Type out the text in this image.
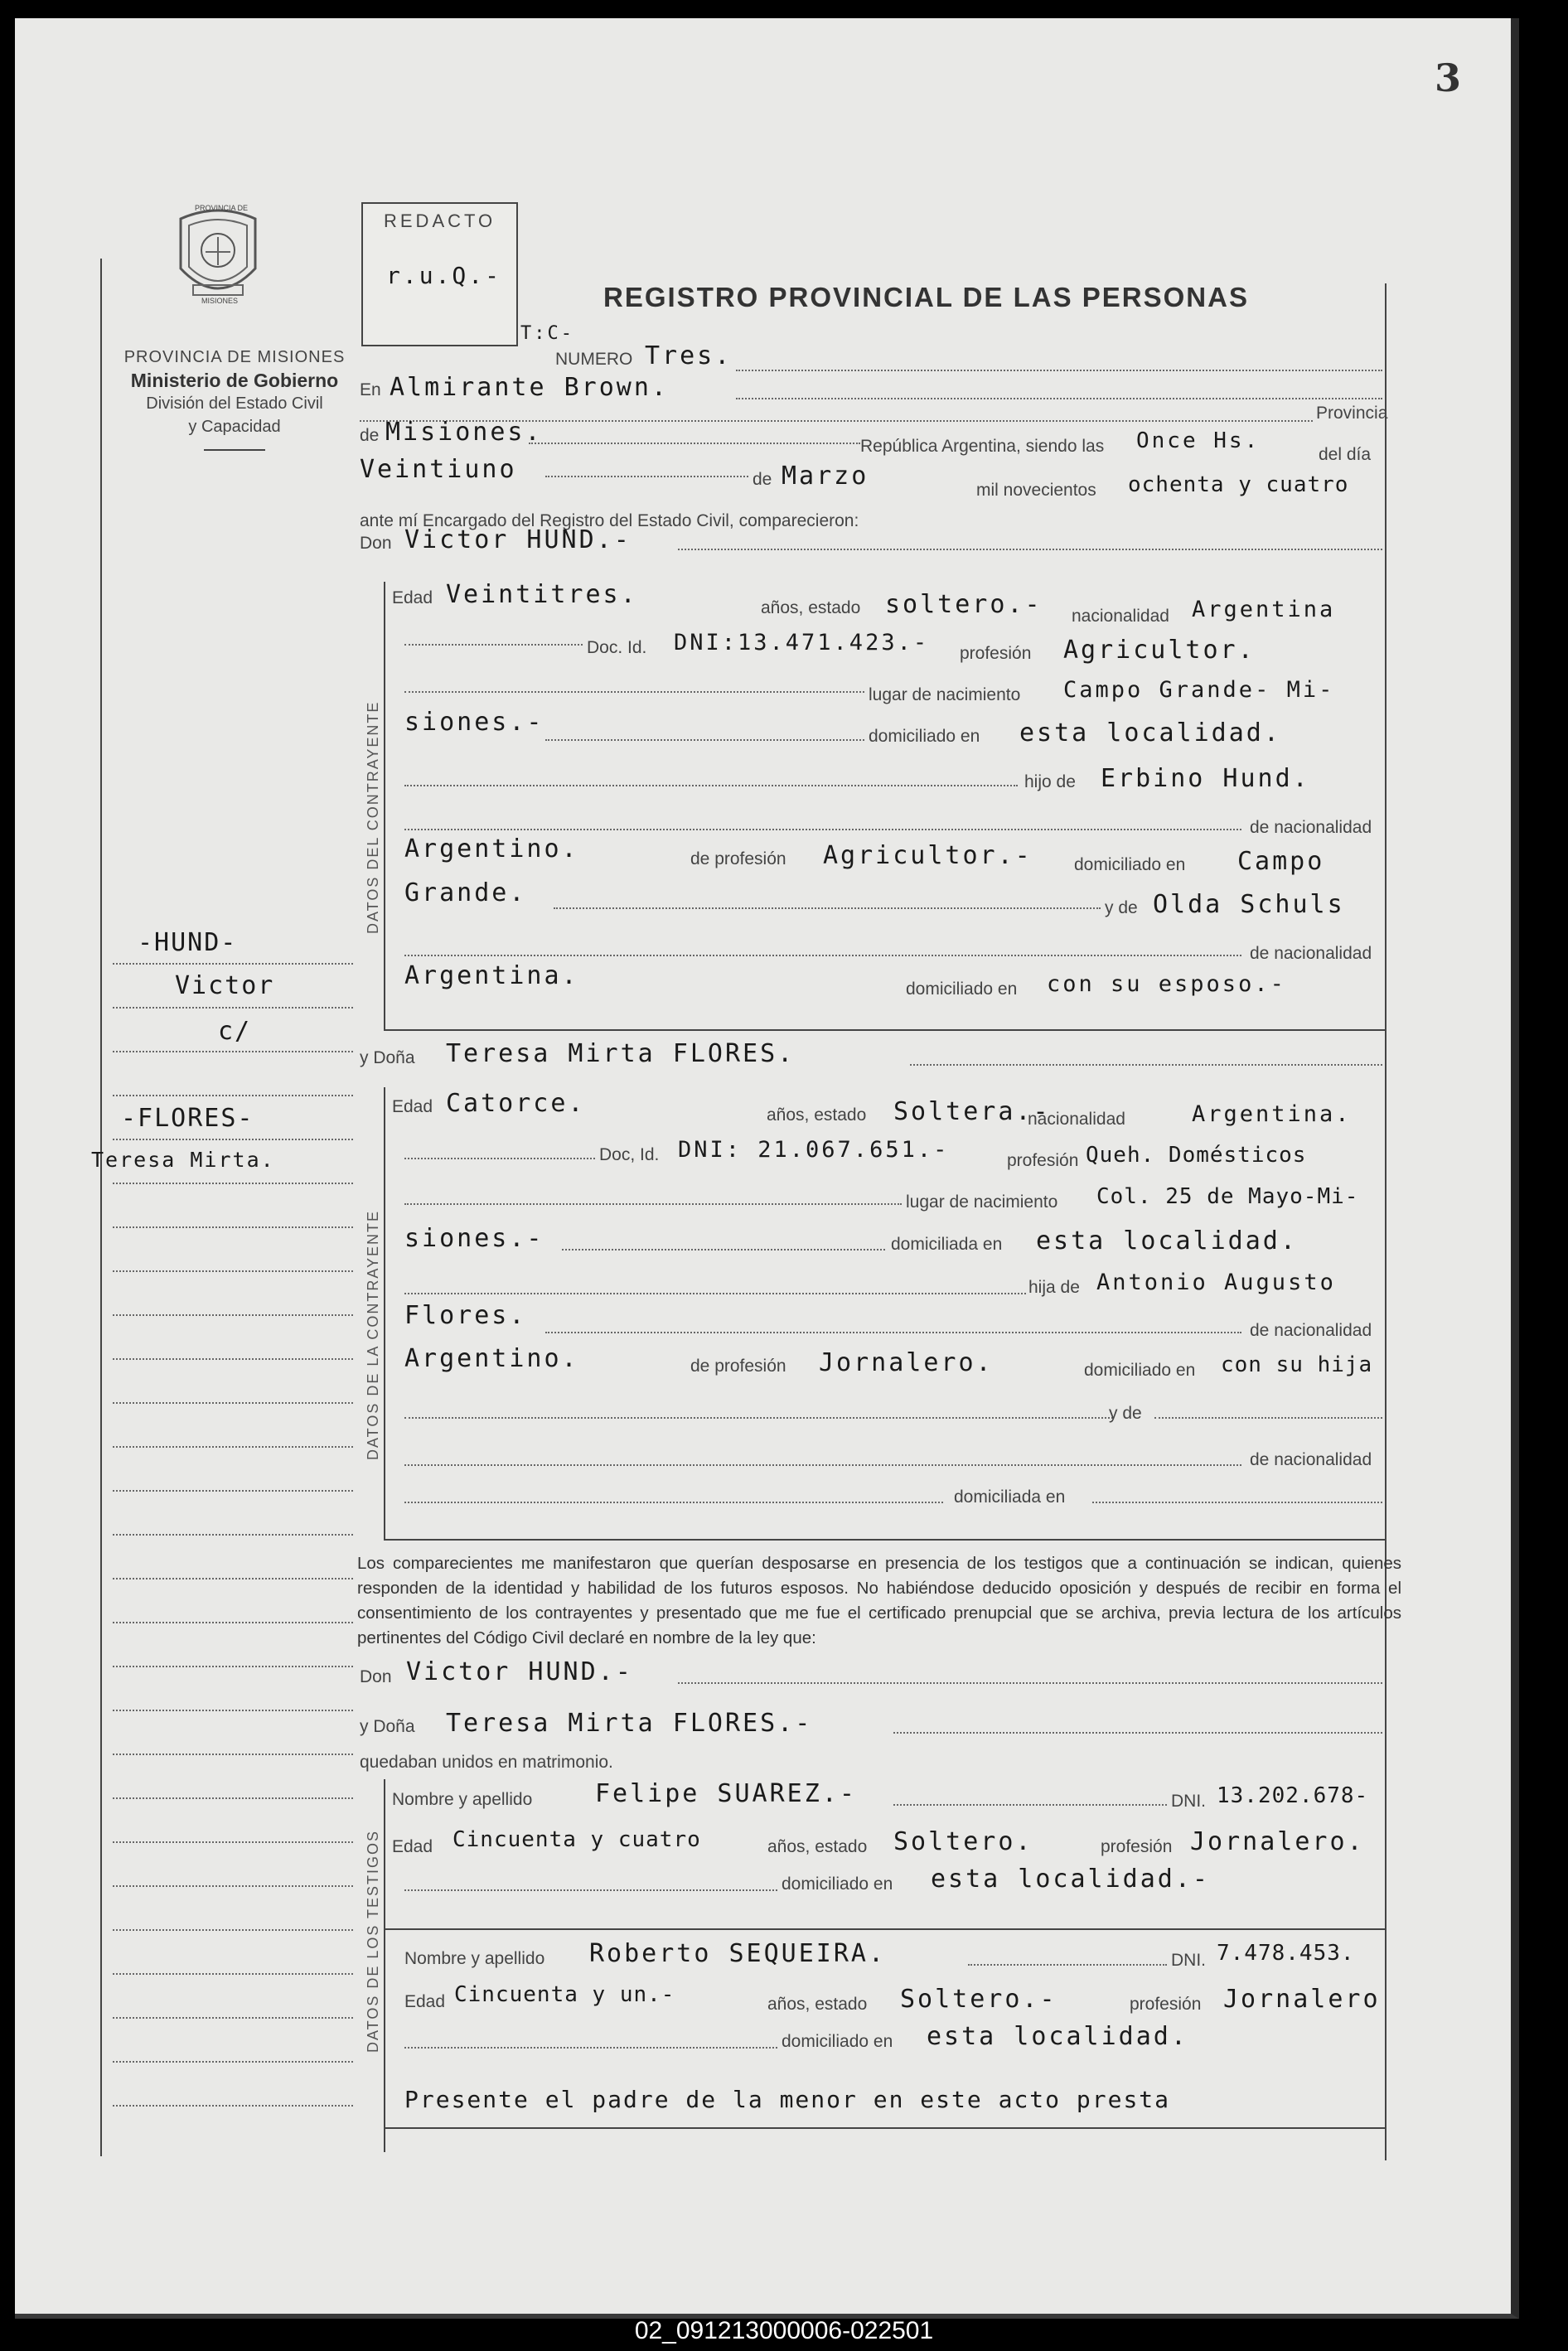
3
PROVINCIA DE
MISIONES
PROVINCIA DE MISIONES
Ministerio de Gobierno
División del Estado Civil
y Capacidad
-HUND-
Victor
c/
-FLORES-
Teresa Mirta.
REDACTO
r.u.Q.-
REGISTRO PROVINCIAL DE LAS PERSONAS
T:C-
NUMERO Tres.
En Almirante Brown.
Provincia
de Misiones.	República Argentina, siendo las Once Hs.
del día
Veintiuno	de Marzo	mil novecientos ochenta y cuatro
ante mí Encargado del Registro del Estado Civil, comparecieron:
Don Victor HUND.-
DATOS DEL CONTRAYENTE
Edad Veintitres.	años, estado soltero.- nacionalidad Argentina
Doc. Id. DNI:13.471.423.- profesión Agricultor.
lugar de nacimiento Campo Grande- Mi-
siones.-	domiciliado en esta localidad.
hijo de Erbino Hund.
de nacionalidad
Argentino.	de profesión Agricultor.- domiciliado en Campo
Grande.
y de Olda Schuls
de nacionalidad
Argentina.	domiciliado en con su esposo.-
y Doña Teresa Mirta FLORES.
DATOS DE LA CONTRAYENTE
Edad Catorce.	años, estado Soltera.-
nacionalidad	Argentina.
Doc, Id. DNI: 21.067.651.-	profesión Queh. Domésticos
lugar de nacimiento Col. 25 de Mayo-Mi-
siones.-	domiciliada en esta localidad.
hija de Antonio Augusto
Flores.
de nacionalidad
Argentino.	de profesión Jornalero.	domiciliado en con su hija
y de
de nacionalidad
domiciliada en
Los comparecientes me manifestaron que querían desposarse en presencia de los testigos que a continuación se indican, quienes responden de la identidad y habilidad de los futuros esposos. No habiéndose deducido oposición y después de recibir en forma el consentimiento de los contrayentes y presentado que me fue el certificado prenupcial que se archiva, previa lectura de los artículos pertinentes del Código Civil declaré en nombre de la ley que:
Don Victor HUND.-
y Doña Teresa Mirta FLORES.-
quedaban unidos en matrimonio.
DATOS DE LOS TESTIGOS
Nombre y apellido	Felipe SUAREZ.-	DNI. 13.202.678-
Edad Cincuenta y cuatro	años, estado Soltero.	profesión Jornalero.
domiciliado en esta localidad.-
Nombre y apellido Roberto SEQUEIRA.	DNI. 7.478.453.
Edad Cincuenta y un.-	años, estado Soltero.-	profesión Jornalero
domiciliado en esta localidad.
Presente el padre de la menor en este acto presta
02_091213000006-022501
